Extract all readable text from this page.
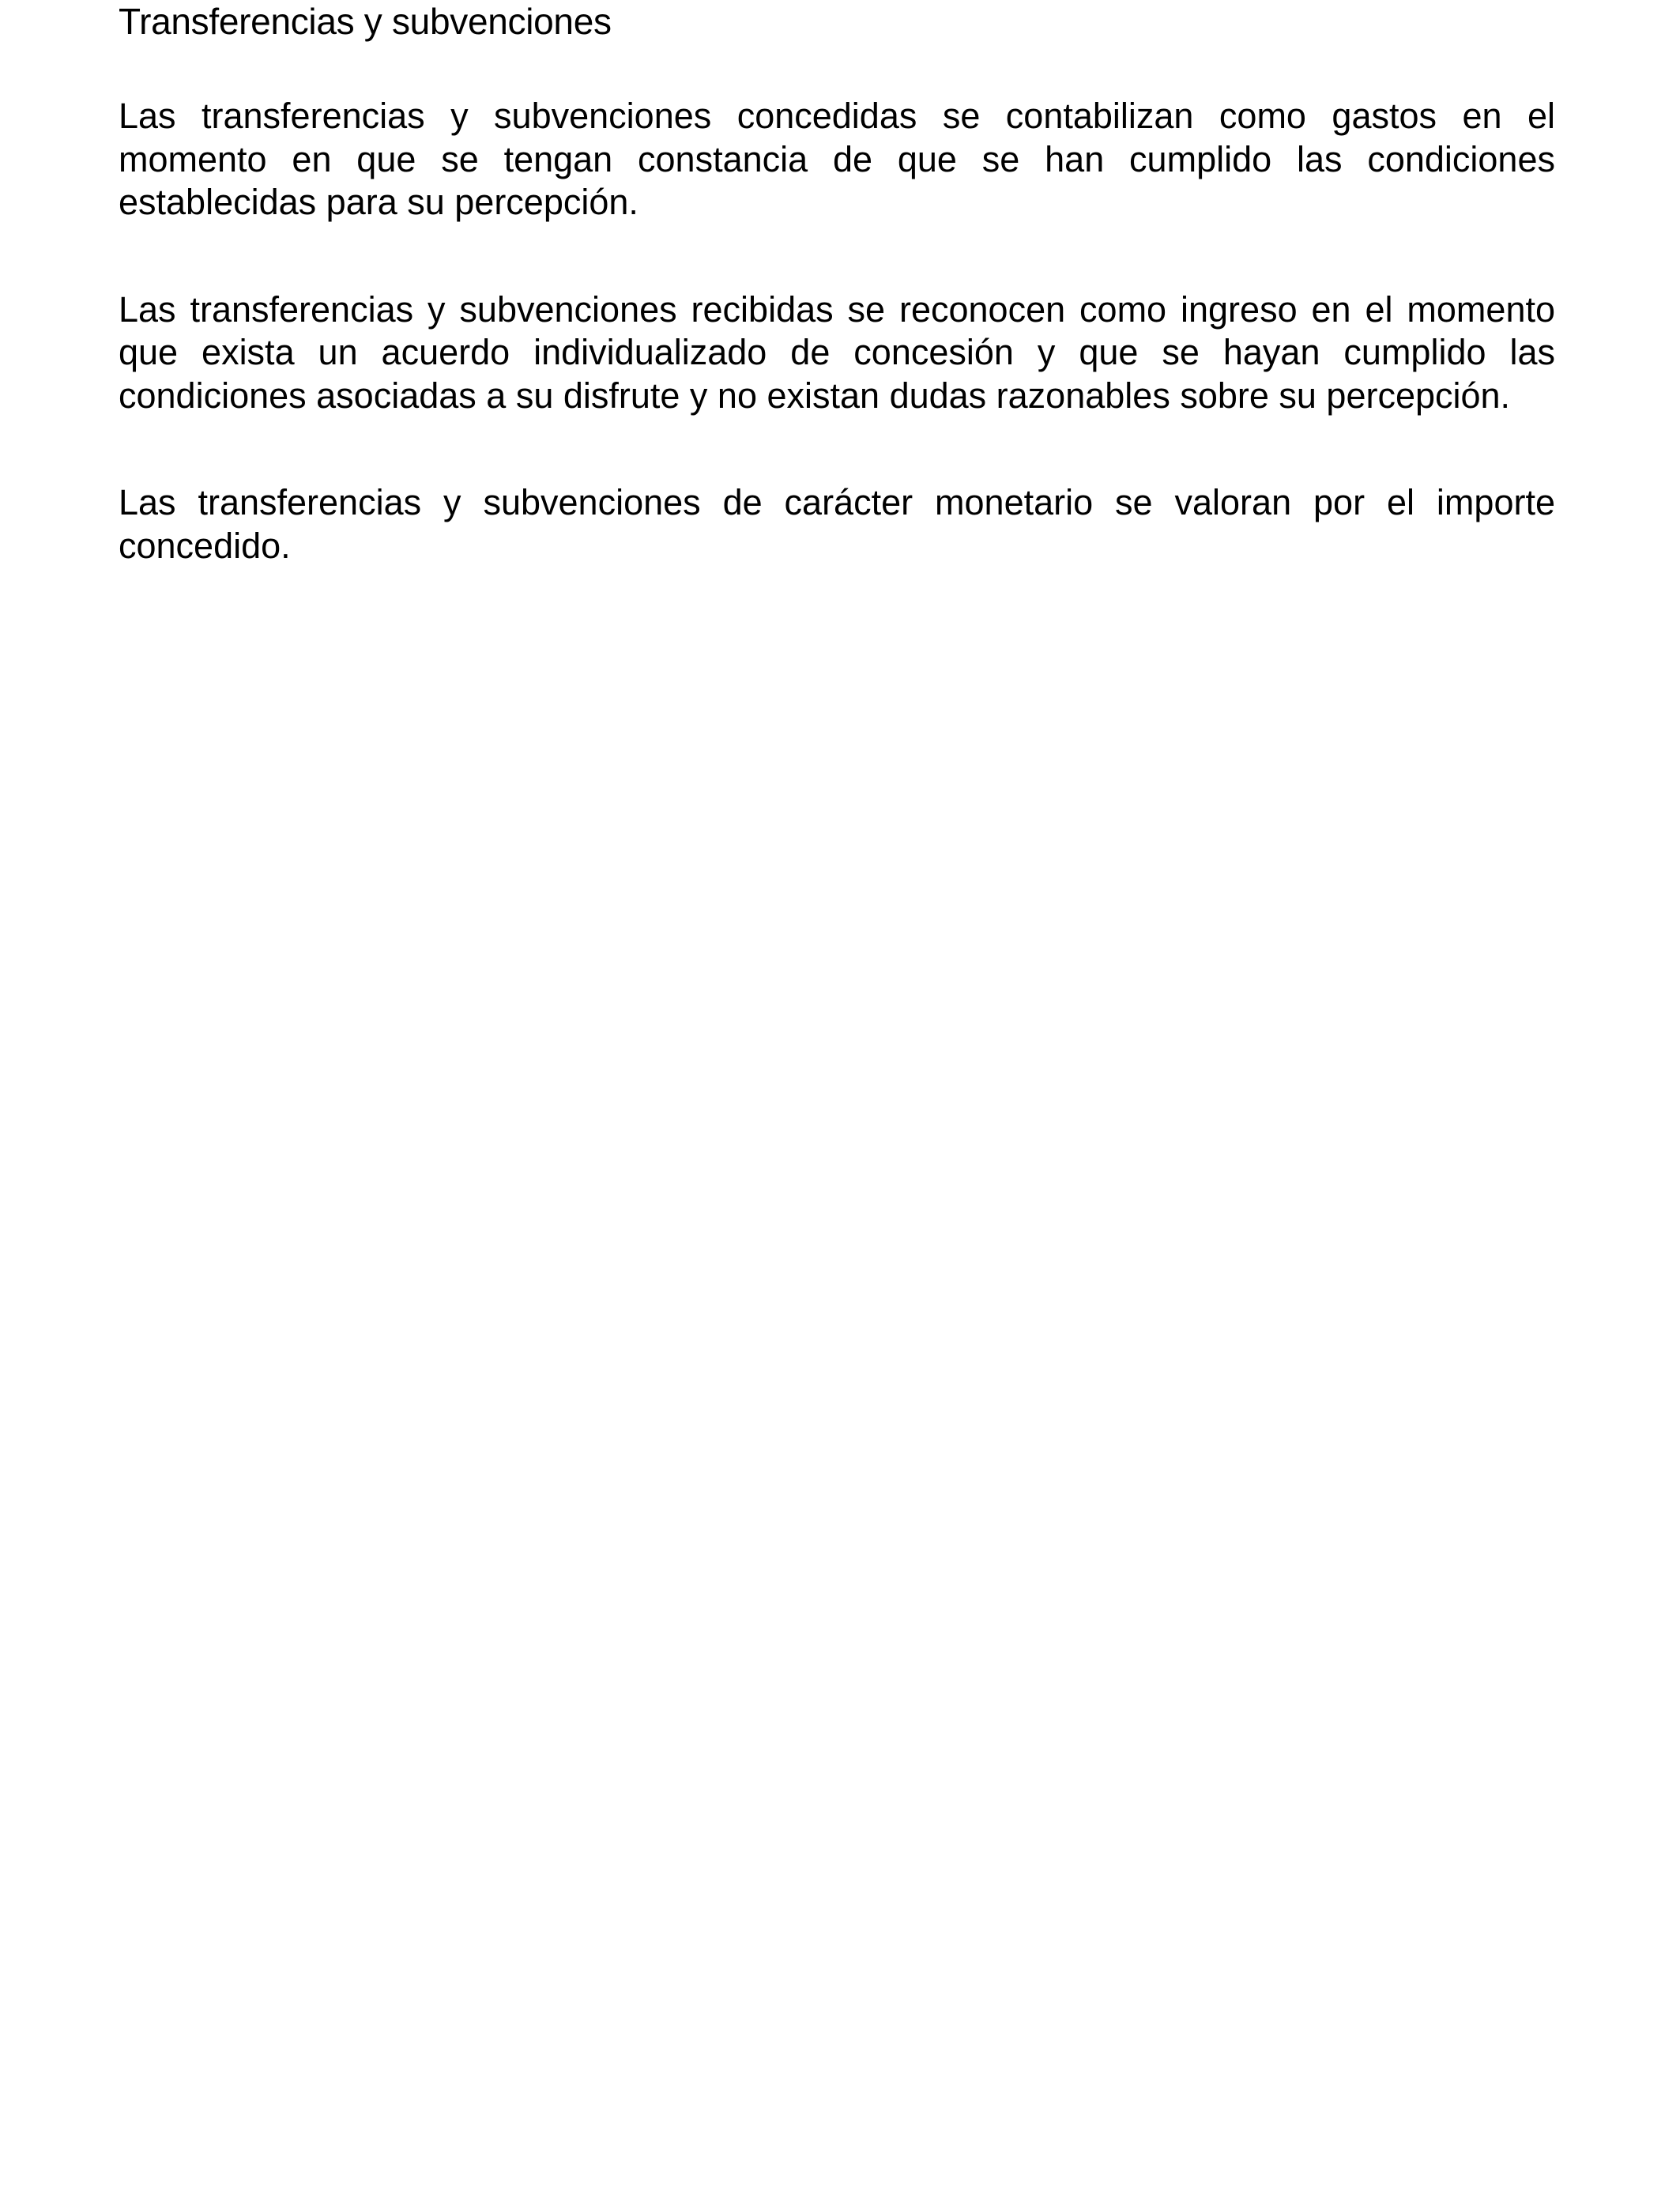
Transferencias y subvenciones

Las transferencias y subvenciones concedidas se contabilizan como gastos en el momento en que se tengan constancia de que se han cumplido las condiciones establecidas para su percepción.

Las transferencias y subvenciones recibidas se reconocen como ingreso en el momento que exista un acuerdo individualizado de concesión y que se hayan cumplido las condiciones asociadas a su disfrute y no existan dudas razonables sobre su percepción.

Las transferencias y subvenciones de carácter monetario se valoran por el importe concedido.
